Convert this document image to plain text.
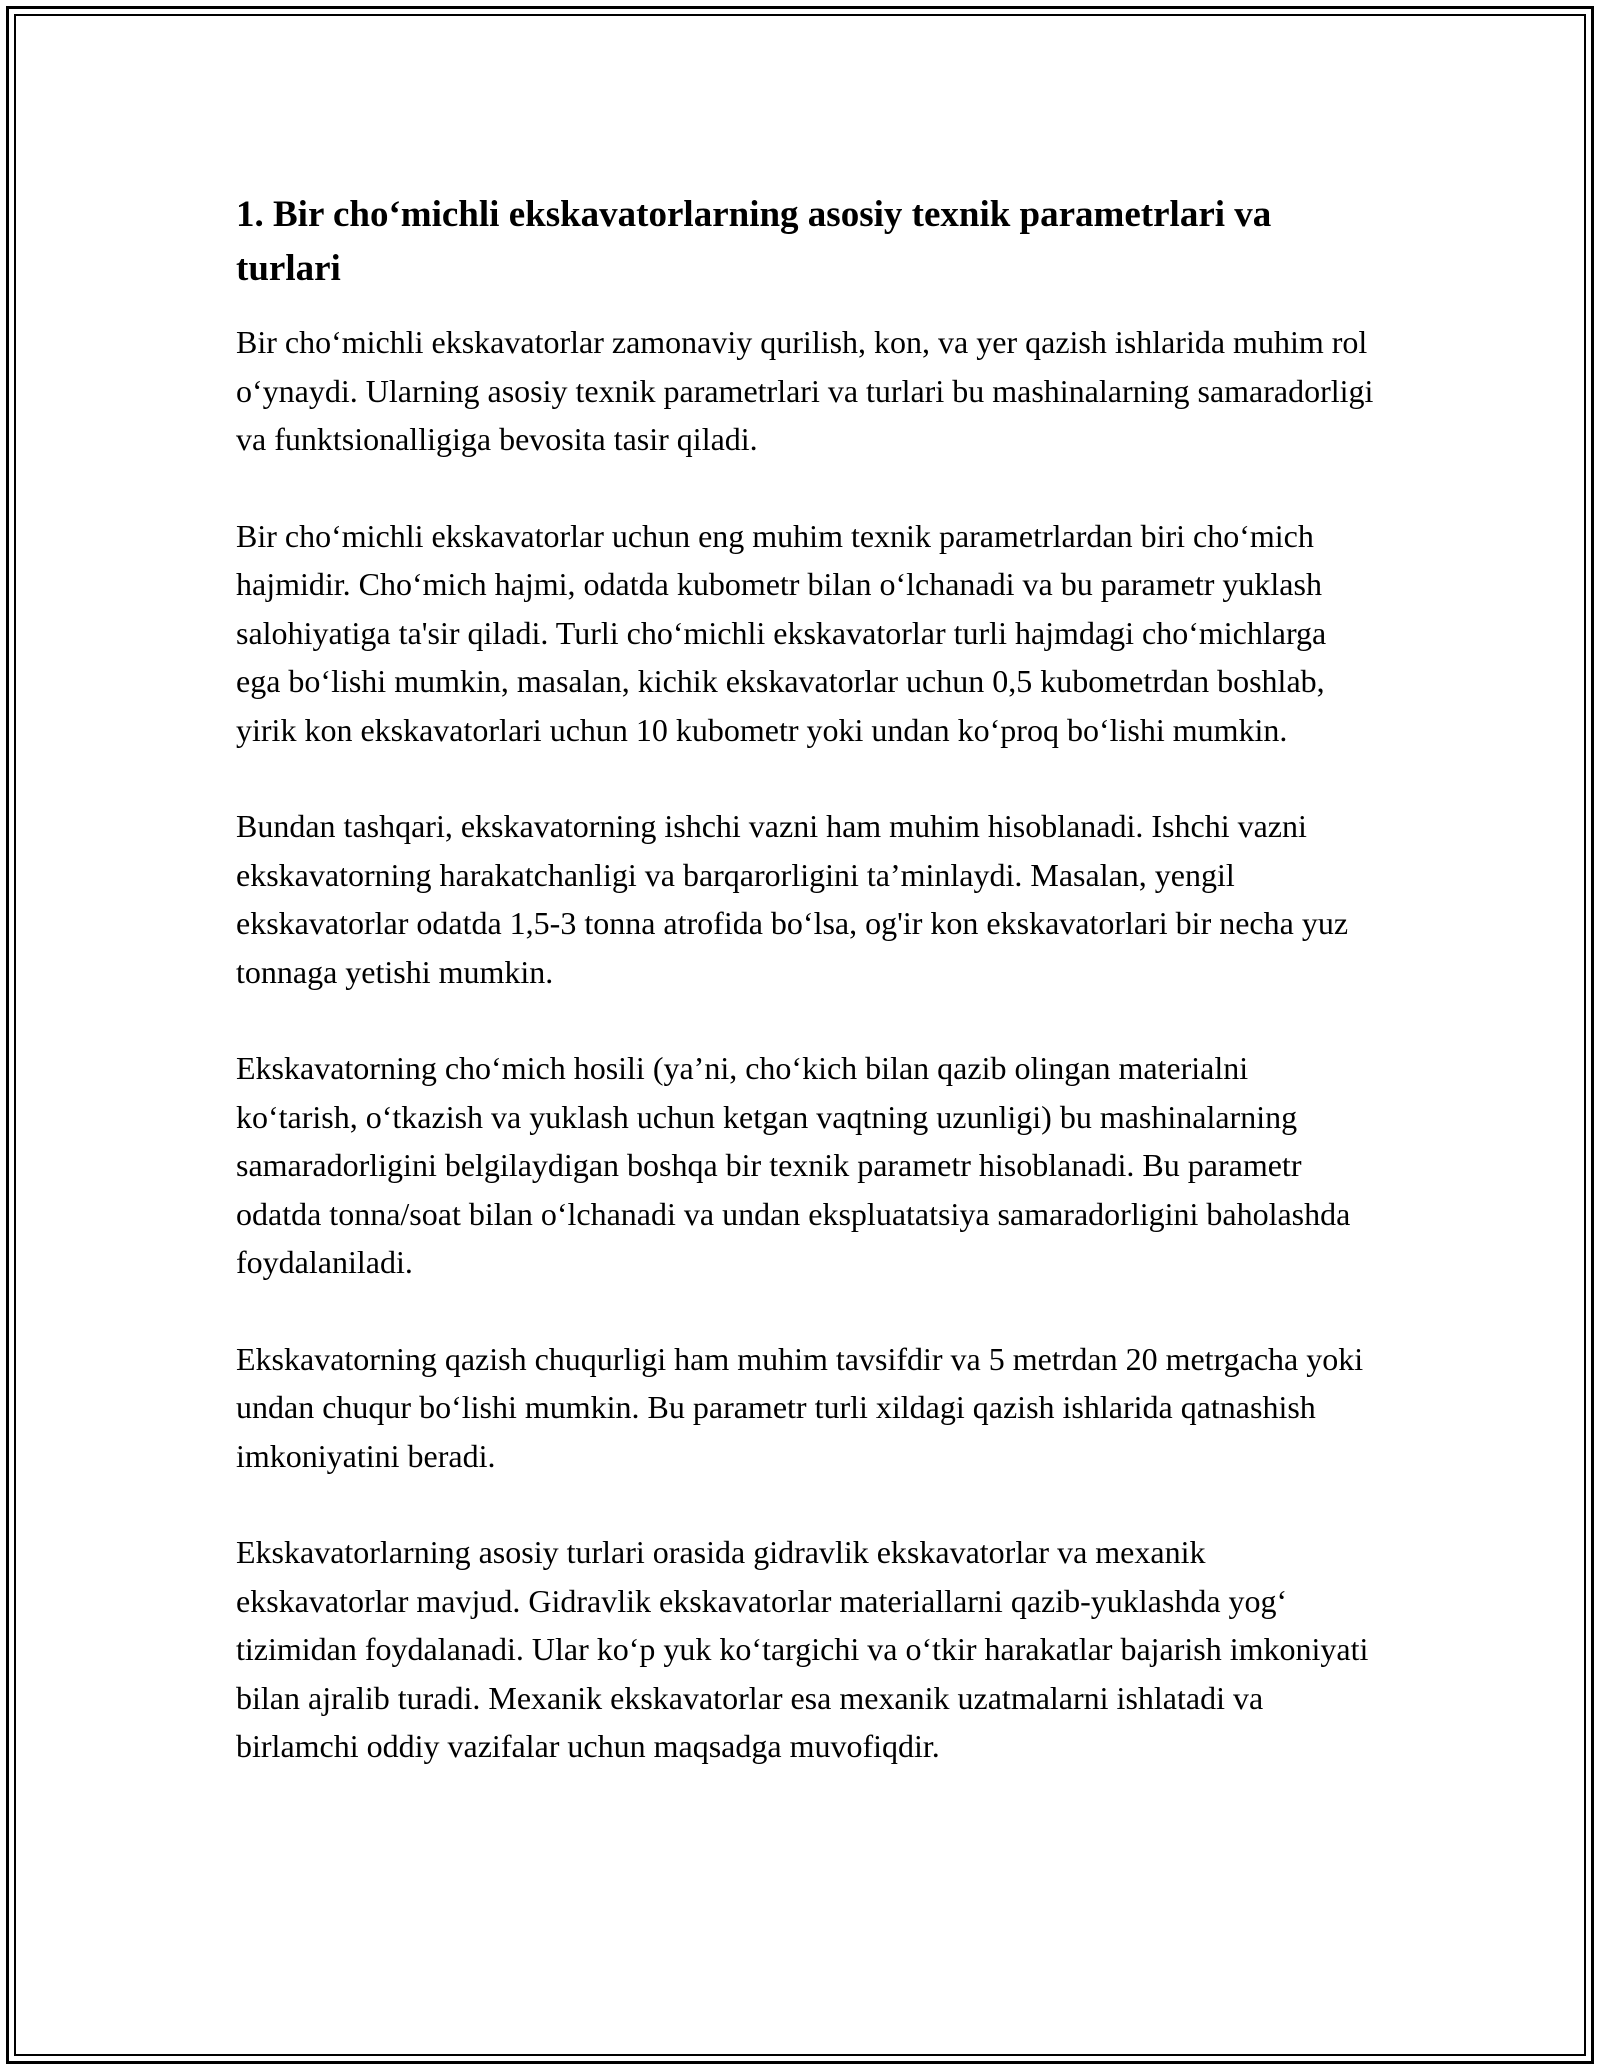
1. Bir cho‘michli ekskavatorlarning asosiy texnik parametrlari va turlari

Bir cho‘michli ekskavatorlar zamonaviy qurilish, kon, va yer qazish ishlarida muhim rol o‘ynaydi. Ularning asosiy texnik parametrlari va turlari bu mashinalarning samaradorligi va funktsionalligiga bevosita tasir qiladi.

Bir cho‘michli ekskavatorlar uchun eng muhim texnik parametrlardan biri cho‘mich hajmidir. Cho‘mich hajmi, odatda kubometr bilan o‘lchanadi va bu parametr yuklash salohiyatiga ta'sir qiladi. Turli cho‘michli ekskavatorlar turli hajmdagi cho‘michlarga ega bo‘lishi mumkin, masalan, kichik ekskavatorlar uchun 0,5 kubometrdan boshlab, yirik kon ekskavatorlari uchun 10 kubometr yoki undan ko‘proq bo‘lishi mumkin.

Bundan tashqari, ekskavatorning ishchi vazni ham muhim hisoblanadi. Ishchi vazni ekskavatorning harakatchanligi va barqarorligini ta’minlaydi. Masalan, yengil ekskavatorlar odatda 1,5-3 tonna atrofida bo‘lsa, og'ir kon ekskavatorlari bir necha yuz tonnaga yetishi mumkin.

Ekskavatorning cho‘mich hosili (ya’ni, cho‘kich bilan qazib olingan materialni ko‘tarish, o‘tkazish va yuklash uchun ketgan vaqtning uzunligi) bu mashinalarning samaradorligini belgilaydigan boshqa bir texnik parametr hisoblanadi. Bu parametr odatda tonna/soat bilan o‘lchanadi va undan ekspluatatsiya samaradorligini baholashda foydalaniladi.

Ekskavatorning qazish chuqurligi ham muhim tavsifdir va 5 metrdan 20 metrgacha yoki undan chuqur bo‘lishi mumkin. Bu parametr turli xildagi qazish ishlarida qatnashish imkoniyatini beradi.

Ekskavatorlarning asosiy turlari orasida gidravlik ekskavatorlar va mexanik ekskavatorlar mavjud. Gidravlik ekskavatorlar materiallarni qazib-yuklashda yog‘ tizimidan foydalanadi. Ular ko‘p yuk ko‘targichi va o‘tkir harakatlar bajarish imkoniyati bilan ajralib turadi. Mexanik ekskavatorlar esa mexanik uzatmalarni ishlatadi va birlamchi oddiy vazifalar uchun maqsadga muvofiqdir.
